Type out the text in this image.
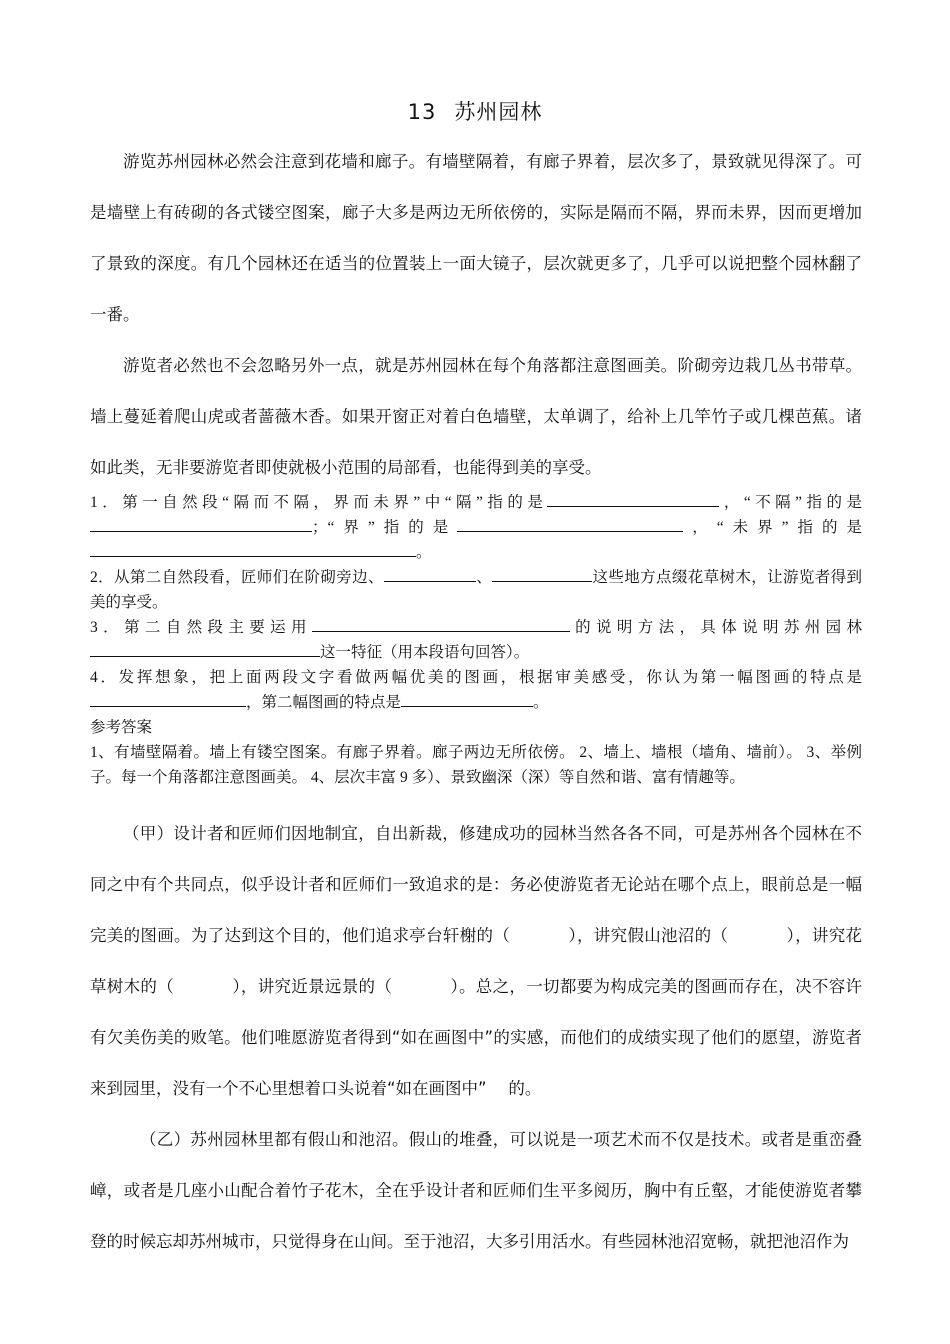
13 苏州园林

游览苏州园林必然会注意到花墙和廊子。有墙壁隔着，有廊子界着，层次多了，景致就见得深了。可是墙壁上有砖砌的各式镂空图案，廊子大多是两边无所依傍的，实际是隔而不隔，界而未界，因而更增加了景致的深度。有几个园林还在适当的位置装上一面大镜子，层次就更多了，几乎可以说把整个园林翻了一番。

游览者必然也不会忽略另外一点，就是苏州园林在每个角落都注意图画美。阶砌旁边栽几丛书带草。墙上蔓延着爬山虎或者蔷薇木香。如果开窗正对着白色墙壁，太单调了，给补上几竿竹子或几棵芭蕉。诸如此类，无非要游览者即使就极小范围的局部看，也能得到美的享受。

1．第一自然段“隔而不隔，界而未界”中“隔”指的是	，“不隔”指的是；“界”指的是	，“未界”指的是。

2．从第二自然段看，匠师们在阶砌旁边、	、	这些地方点缀花草树木，让游览者得到美的享受。

3．第二自然段主要运用	的说明方法，具体说明苏州园林这一特征（用本段语句回答）。

4．发挥想象，把上面两段文字看做两幅优美的图画，根据审美感受，你认为第一幅图画的特点是，第二幅图画的特点是	。

参考答案

1、有墙壁隔着。墙上有镂空图案。有廊子界着。廊子两边无所依傍。 2、墙上、墙根（墙角、墙前）。 3、举例子。每一个角落都注意图画美。 4、层次丰富 9 多）、景致幽深（深）等自然和谐、富有情趣等。

（甲）设计者和匠师们因地制宜，自出新裁，修建成功的园林当然各各不同，可是苏州各个园林在不同之中有个共同点，似乎设计者和匠师们一致追求的是：务必使游览者无论站在哪个点上，眼前总是一幅完美的图画。为了达到这个目的，他们追求亭台轩榭的（	），讲究假山池沼的（	），讲究花草树木的（	），讲究近景远景的（	）。总之，一切都要为构成完美的图画而存在，决不容许有欠美伤美的败笔。他们唯愿游览者得到“如在画图中”的实感，而他们的成绩实现了他们的愿望，游览者来到园里，没有一个不心里想着口头说着“如在画图中”　 的。

（乙）苏州园林里都有假山和池沼。假山的堆叠，可以说是一项艺术而不仅是技术。或者是重峦叠嶂，或者是几座小山配合着竹子花木，全在乎设计者和匠师们生平多阅历，胸中有丘壑，才能使游览者攀登的时候忘却苏州城市，只觉得身在山间。至于池沼，大多引用活水。有些园林池沼宽畅，就把池沼作为
